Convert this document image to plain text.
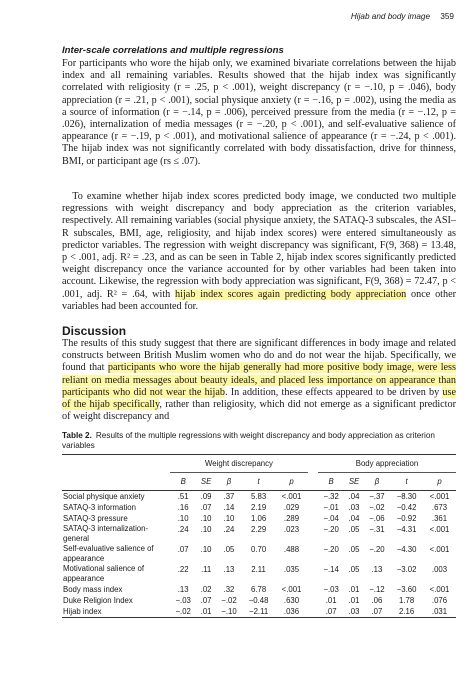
Hijab and body image 359
Inter-scale correlations and multiple regressions

For participants who wore the hijab only, we examined bivariate correlations between the hijab index and all remaining variables. Results showed that the hijab index was significantly correlated with religiosity (r = .25, p < .001), weight discrepancy (r = −.10, p = .046), body appreciation (r = .21, p < .001), social physique anxiety (r = −.16, p = .002), using the media as a source of information (r = −.14, p = .006), perceived pressure from the media (r = −.12, p = .026), internalization of media messages (r = −.20, p < .001), and self-evaluative salience of appearance (r = −.19, p < .001), and motivational salience of appearance (r = −.24, p < .001). The hijab index was not significantly correlated with body dissatisfaction, drive for thinness, BMI, or participant age (rs ≤ .07).

 To examine whether hijab index scores predicted body image, we conducted two multiple regressions with weight discrepancy and body appreciation as the criterion variables, respectively. All remaining variables (social physique anxiety, the SATAQ-3 subscales, the ASI–R subscales, BMI, age, religiosity, and hijab index scores) were entered simultaneously as predictor variables. The regression with weight discrepancy was significant, F(9, 368) = 13.48, p < .001, adj. R² = .23, and as can be seen in Table 2, hijab index scores significantly predicted weight discrepancy once the variance accounted for by other variables had been taken into account. Likewise, the regression with body appreciation was significant, F(9, 368) = 72.47, p < .001, adj. R² = .64, with hijab index scores again predicting body appreciation once other variables had been accounted for.

Discussion

The results of this study suggest that there are significant differences in body image and related constructs between British Muslim women who do and do not wear the hijab. Specifically, we found that participants who wore the hijab generally had more positive body image, were less reliant on media messages about beauty ideals, and placed less importance on appearance than participants who did not wear the hijab. In addition, these effects appeared to be driven by use of the hijab specifically, rather than religiosity, which did not emerge as a significant predictor of weight discrepancy and

Table 2. Results of the multiple regressions with weight discrepancy and body appreciation as criterion variables

	Weight discrepancy						Body appreciation				
	B	SE	β	t	p		B	SE	β	t	p
Social physique anxiety	.51	.09	.37	5.83	<.001		−.32	.04	−.37	−8.30	<.001
SATAQ-3 information	.16	.07	.14	2.19	.029		−.01	.03	−.02	−0.42	.673
SATAQ-3 pressure	.10	.10	.10	1.06	.289		−.04	.04	−.06	−0.92	.361
SATAQ-3 internalization-general	.24	.10	.24	2.29	.023		−.20	.05	−.31	−4.31	<.001
Self-evaluative salience of appearance	.07	.10	.05	0.70	.488		−.20	.05	−.20	−4.30	<.001
Motivational salience of appearance	.22	.11	.13	2.11	.035		−.14	.05	.13	−3.02	.003
Body mass index	.13	.02	.32	6.78	<.001		−.03	.01	−.12	−3.60	<.001
Duke Religion Index	−.03	.07	−.02	−0.48	.630		.01	.01	.06	1.78	.076
Hijab index	−.02	.01	−.10	−2.11	.036		.07	.03	.07	2.16	.031
